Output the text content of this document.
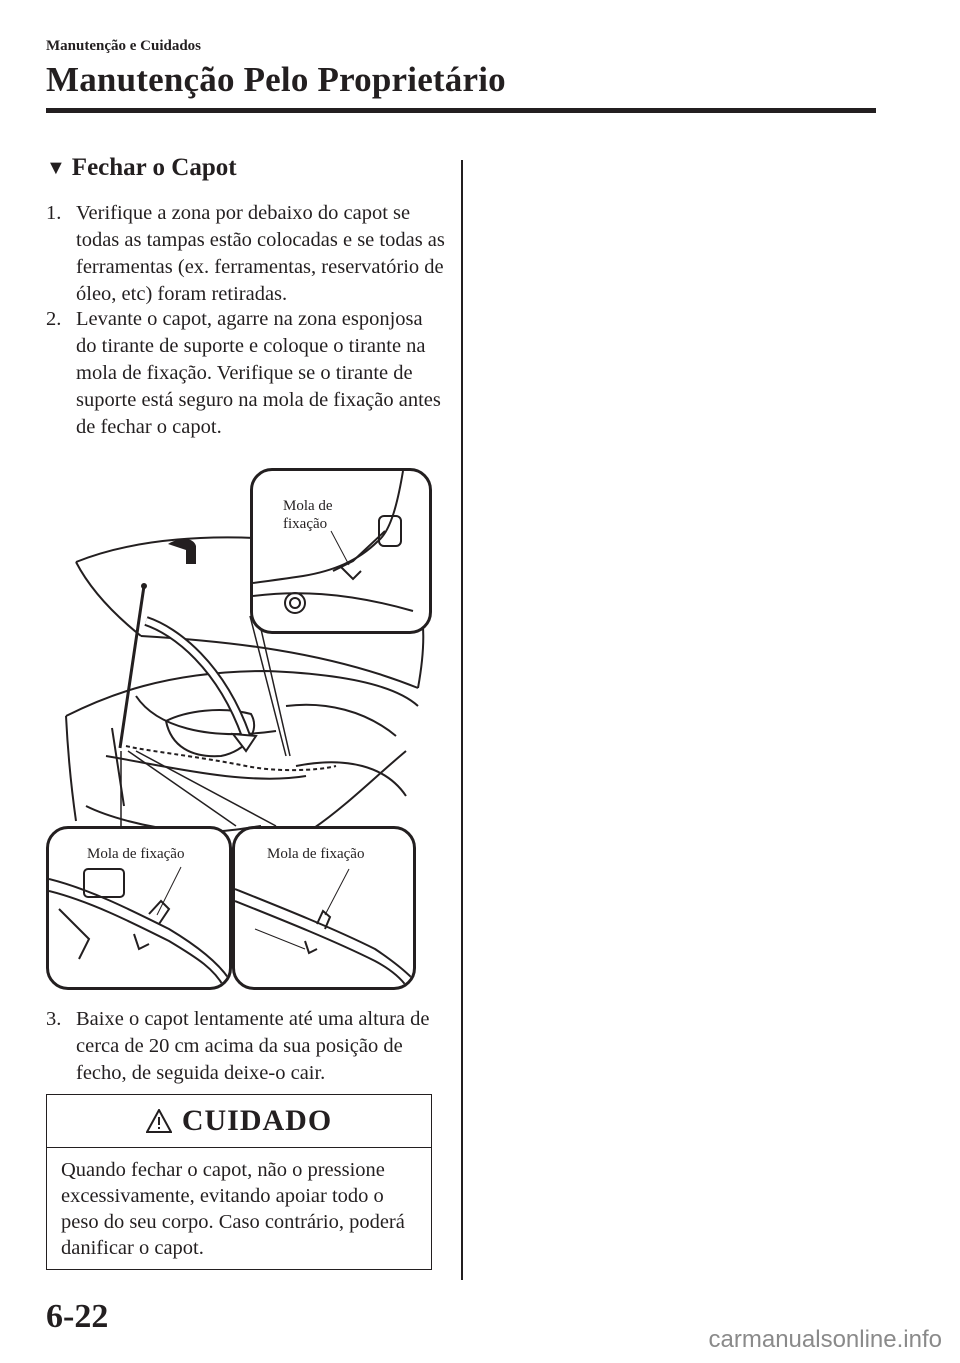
Manutenção e Cuidados
Manutenção Pelo Proprietário
▼ Fechar o Capot
1. Verifique a zona por debaixo do capot se todas as tampas estão colocadas e se todas as ferramentas (ex. ferramentas, reservatório de óleo, etc) foram retiradas.
2. Levante o capot, agarre na zona esponjosa do tirante de suporte e coloque o tirante na mola de fixação. Verifique se o tirante de suporte está seguro na mola de fixação antes de fechar o capot.
Mola de
fixação
Mola de fixação	Mola de fixação
3. Baixe o capot lentamente até uma altura de cerca de 20 cm acima da sua posição de fecho, de seguida deixe-o cair.
CUIDADO
Quando fechar o capot, não o pressione excessivamente, evitando apoiar todo o peso do seu corpo. Caso contrário, poderá danificar o capot.
6-22
carmanualsonline.info
